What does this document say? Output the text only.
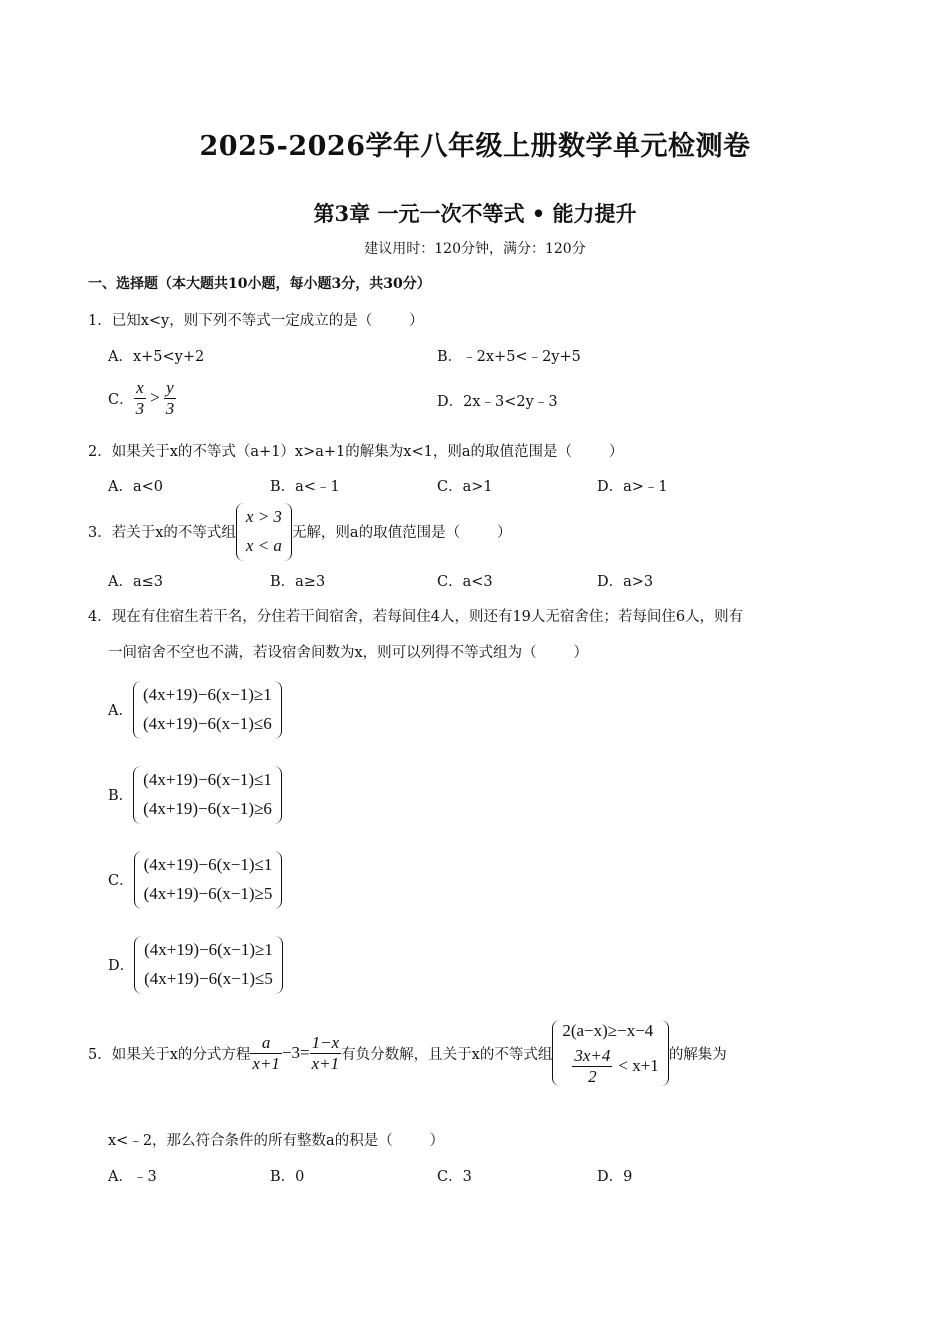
2025-2026学年八年级上册数学单元检测卷
第3章 一元一次不等式 • 能力提升
建议用时：120分钟，满分：120分
一、选择题（本大题共10小题，每小题3分，共30分）
1．已知x<y，则下列不等式一定成立的是（        ）
A．x+5<y+2	B．﹣2x+5<﹣2y+5
C． $\frac{x}{3} > \frac{y}{3}$	D．2x﹣3<2y﹣3
2．如果关于x的不等式（a+1）x>a+1的解集为x<1，则a的取值范围是（        ）
A．a<0	B．a<﹣1	C．a>1	D．a>﹣1
3．若关于x的不等式组
x > 3
x < a
无解，则a的取值范围是（        ）
A．a≤3	B．a≥3	C．a<3	D．a>3
4．现在有住宿生若干名，分住若干间宿舍，若每间住4人，则还有19人无宿舍住；若每间住6人，则有
一间宿舍不空也不满，若设宿舍间数为x，则可以列得不等式组为（        ）
A．
(4x+19)−6(x−1)≥1
(4x+19)−6(x−1)≤6
B．
(4x+19)−6(x−1)≤1
(4x+19)−6(x−1)≥6
C．
(4x+19)−6(x−1)≤1
(4x+19)−6(x−1)≥5
D．
(4x+19)−6(x−1)≥1
(4x+19)−6(x−1)≤5
5．如果关于x的分式方程 $\frac{a}{x+1} -3= \frac{1-x}{x+1}$ 有负分数解，且关于x的不等式组
2(a−x)≥−x−4
$\frac{3x+4}{2} < x+1$
的解集为
x<﹣2，那么符合条件的所有整数a的积是（        ）
A．﹣3	B．0	C．3	D．9
